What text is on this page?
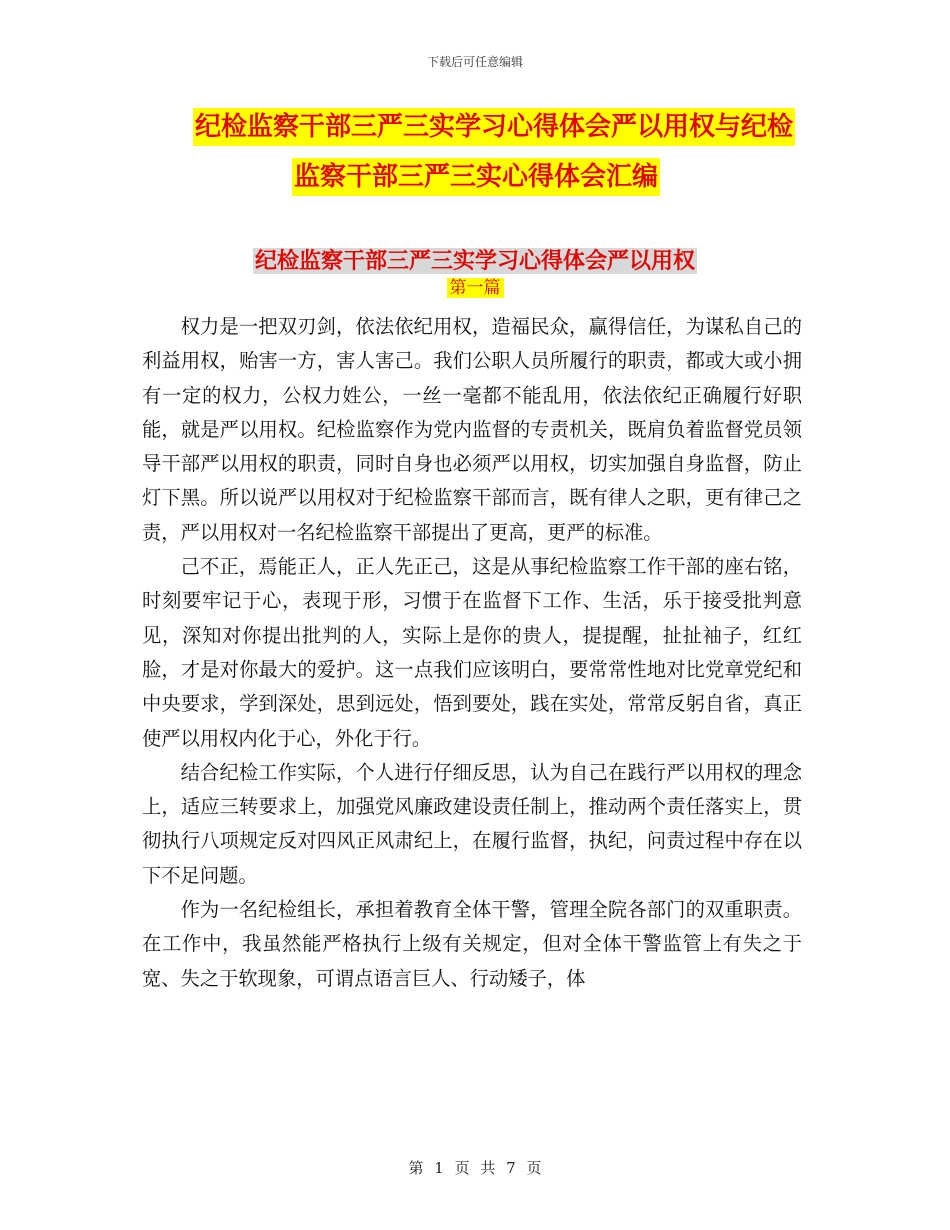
下载后可任意编辑
纪检监察干部三严三实学习心得体会严以用权与纪检
监察干部三严三实心得体会汇编
纪检监察干部三严三实学习心得体会严以用权
第一篇

权力是一把双刃剑，依法依纪用权，造福民众，赢得信任，为谋私自己的利益用权，贻害一方，害人害己。我们公职人员所履行的职责，都或大或小拥有一定的权力，公权力姓公，一丝一毫都不能乱用，依法依纪正确履行好职能，就是严以用权。纪检监察作为党内监督的专责机关，既肩负着监督党员领导干部严以用权的职责，同时自身也必须严以用权，切实加强自身监督，防止灯下黑。所以说严以用权对于纪检监察干部而言，既有律人之职，更有律己之责，严以用权对一名纪检监察干部提出了更高，更严的标准。

己不正，焉能正人，正人先正己，这是从事纪检监察工作干部的座右铭，时刻要牢记于心，表现于形，习惯于在监督下工作、生活，乐于接受批判意见，深知对你提出批判的人，实际上是你的贵人，提提醒，扯扯袖子，红红脸，才是对你最大的爱护。这一点我们应该明白，要常常性地对比党章党纪和中央要求，学到深处，思到远处，悟到要处，践在实处，常常反躬自省，真正使严以用权内化于心，外化于行。

结合纪检工作实际，个人进行仔细反思，认为自己在践行严以用权的理念上，适应三转要求上，加强党风廉政建设责任制上，推动两个责任落实上，贯彻执行八项规定反对四风正风肃纪上，在履行监督，执纪，问责过程中存在以下不足问题。

作为一名纪检组长，承担着教育全体干警，管理全院各部门的双重职责。在工作中，我虽然能严格执行上级有关规定，但对全体干警监管上有失之于宽、失之于软现象，可谓点语言巨人、行动矮子，体

第 1 页 共 7 页
